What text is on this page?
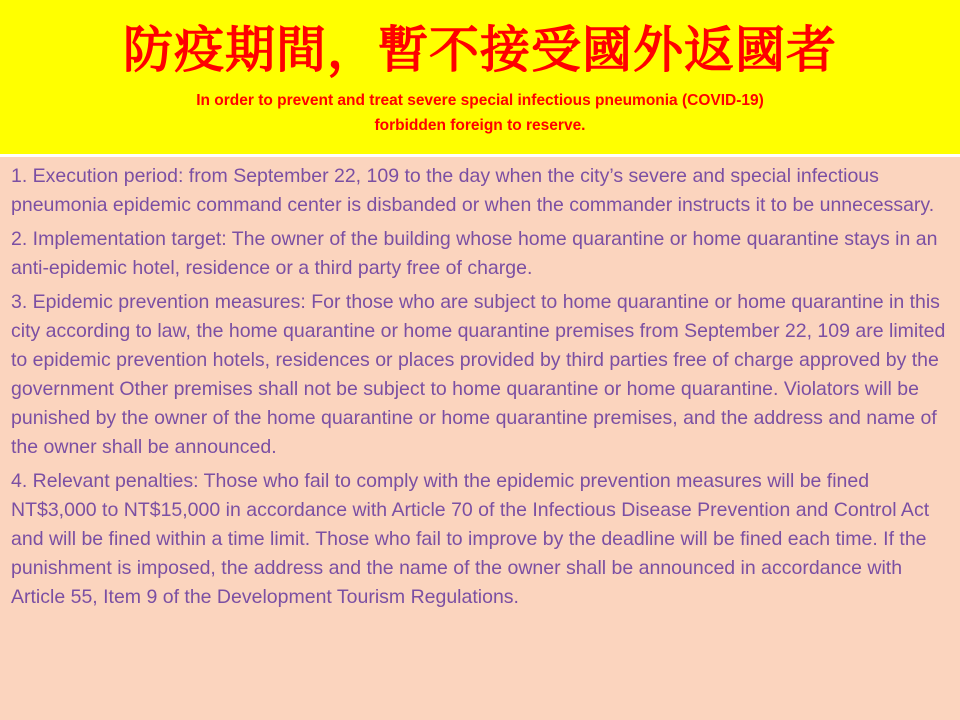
防疫期間，暫不接受國外返國者
In order to prevent and treat severe special infectious pneumonia (COVID-19)
forbidden foreign to reserve.

1. Execution period: from September 22, 109 to the day when the city’s severe and special infectious pneumonia epidemic command center is disbanded or when the commander instructs it to be unnecessary.

2. Implementation target: The owner of the building whose home quarantine or home quarantine stays in an anti-epidemic hotel, residence or a third party free of charge.

3. Epidemic prevention measures: For those who are subject to home quarantine or home quarantine in this city according to law, the home quarantine or home quarantine premises from September 22, 109 are limited to epidemic prevention hotels, residences or places provided by third parties free of charge approved by the government Other premises shall not be subject to home quarantine or home quarantine. Violators will be punished by the owner of the home quarantine or home quarantine premises, and the address and name of the owner shall be announced.

4. Relevant penalties: Those who fail to comply with the epidemic prevention measures will be fined NT$3,000 to NT$15,000 in accordance with Article 70 of the Infectious Disease Prevention and Control Act and will be fined within a time limit. Those who fail to improve by the deadline will be fined each time. If the punishment is imposed, the address and the name of the owner shall be announced in accordance with Article 55, Item 9 of the Development Tourism Regulations.
